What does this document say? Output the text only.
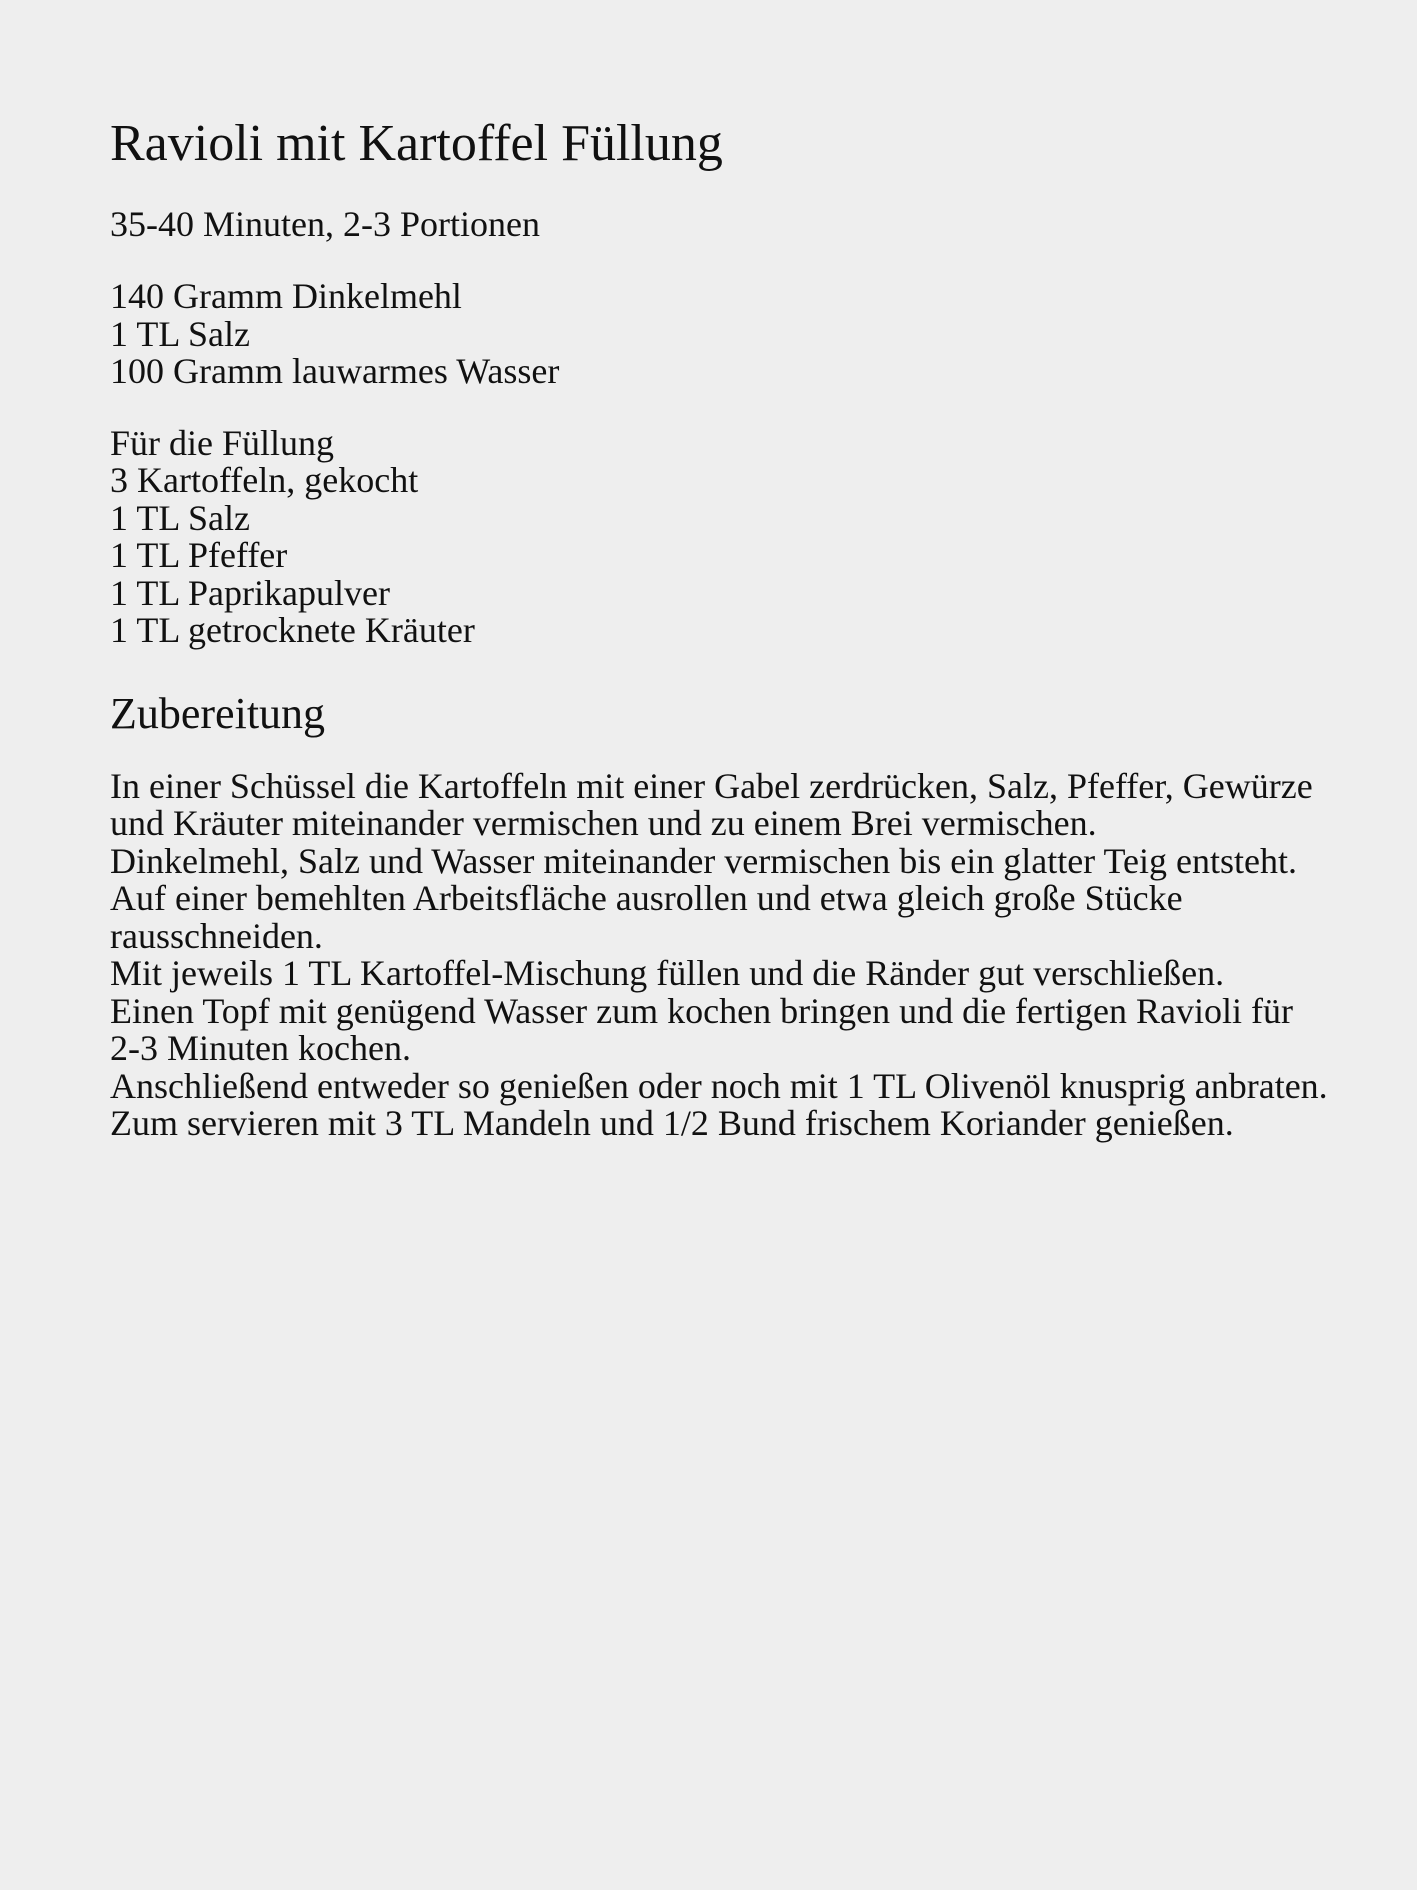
Ravioli mit Kartoffel Füllung
35-40 Minuten, 2-3 Portionen
140 Gramm Dinkelmehl
1 TL Salz
100 Gramm lauwarmes Wasser
Für die Füllung
3 Kartoffeln, gekocht
1 TL Salz
1 TL Pfeffer
1 TL Paprikapulver
1 TL getrocknete Kräuter
Zubereitung

In einer Schüssel die Kartoffeln mit einer Gabel zerdrücken, Salz, Pfeffer, Gewürze und Kräuter miteinander vermischen und zu einem Brei vermischen.

Dinkelmehl, Salz und Wasser miteinander vermischen bis ein glatter Teig entsteht. Auf einer bemehlten Arbeitsfläche ausrollen und etwa gleich große Stücke rausschneiden.

Mit jeweils 1 TL Kartoffel-Mischung füllen und die Ränder gut verschließen.

Einen Topf mit genügend Wasser zum kochen bringen und die fertigen Ravioli für 2-3 Minuten kochen.

Anschließend entweder so genießen oder noch mit 1 TL Olivenöl knusprig anbraten.

Zum servieren mit 3 TL Mandeln und 1/2 Bund frischem Koriander genießen.
